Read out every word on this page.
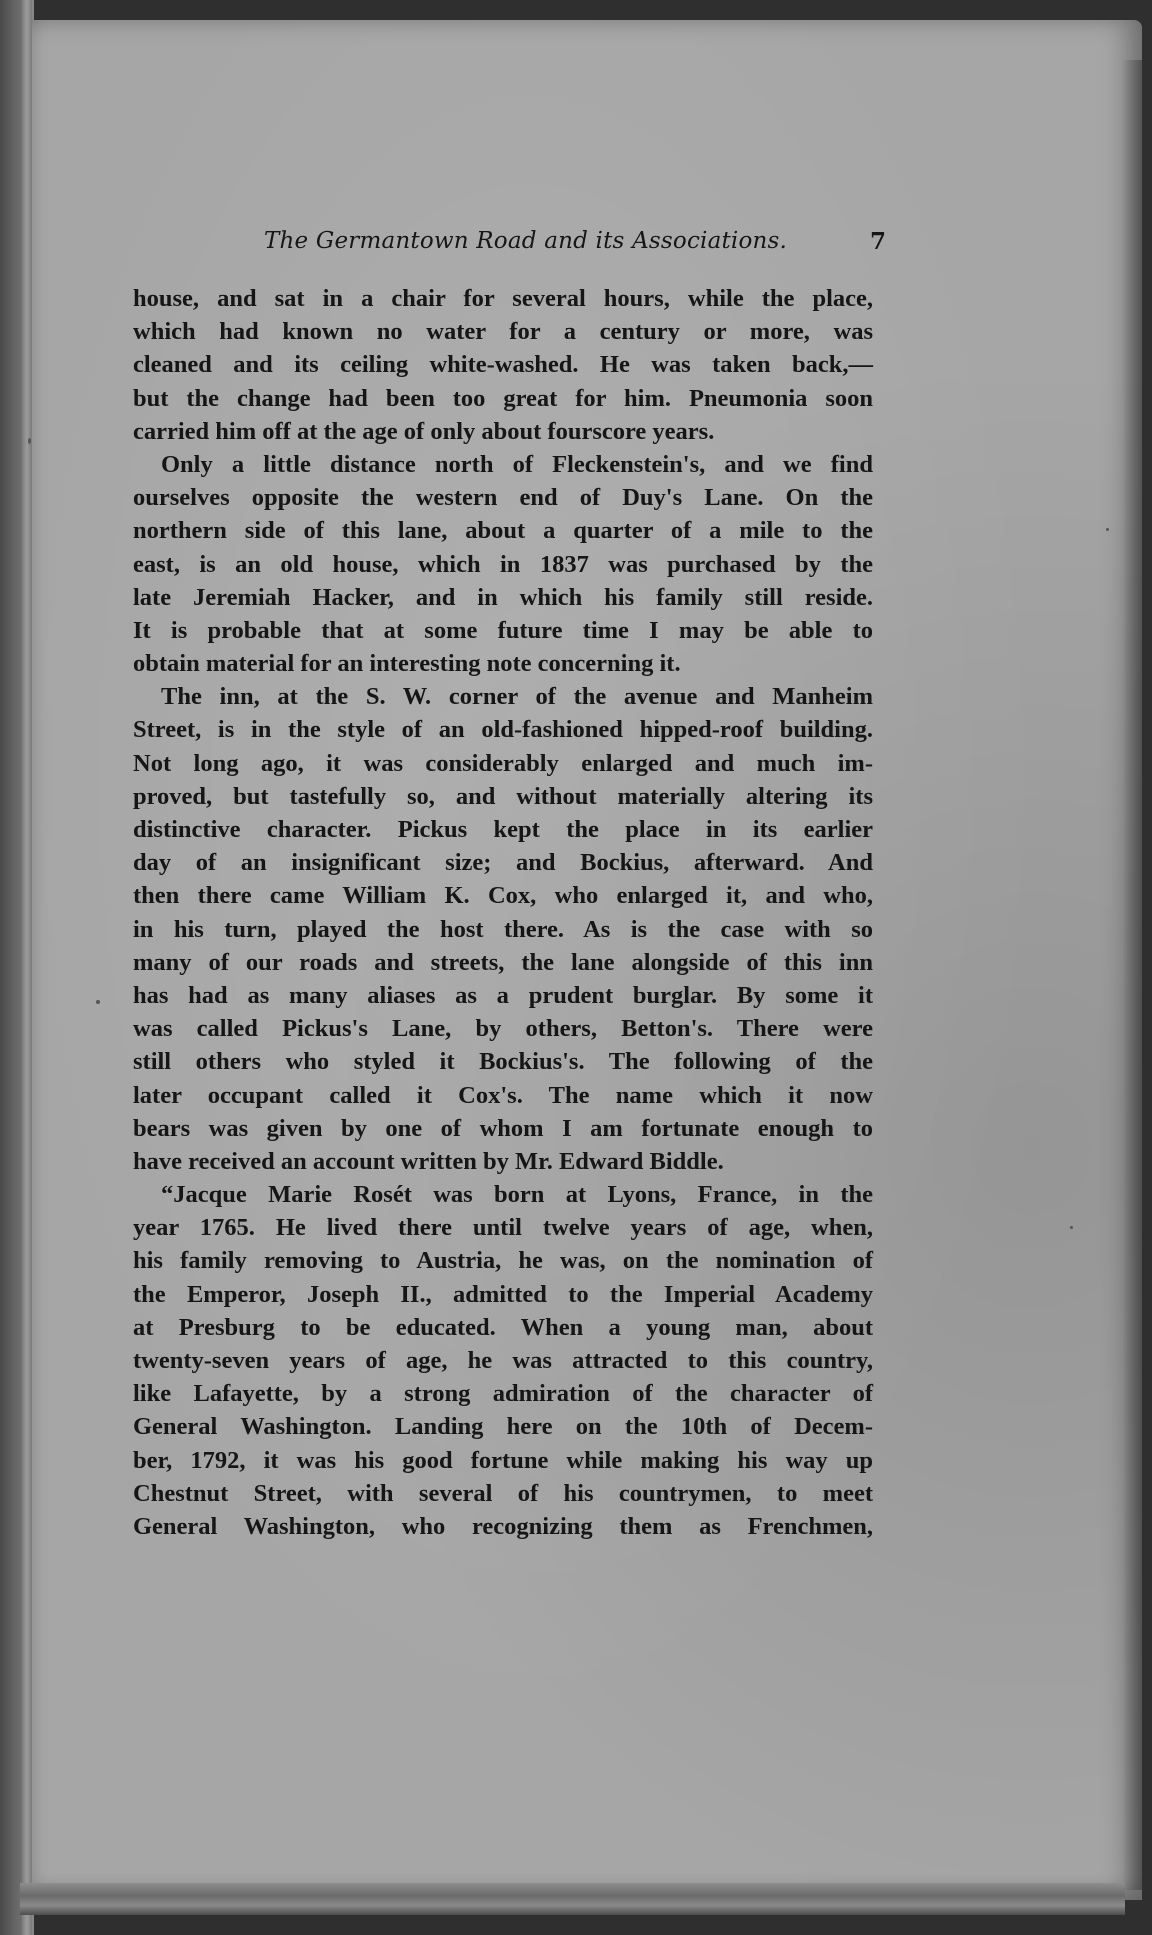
The Germantown Road and its Associations.	7
house, and sat in a chair for several hours, while the place,
which had known no water for a century or more, was
cleaned and its ceiling white-washed. He was taken back,—
but the change had been too great for him. Pneumonia soon
carried him off at the age of only about fourscore years.
Only a little distance north of Fleckenstein's, and we find
ourselves opposite the western end of Duy's Lane. On the
northern side of this lane, about a quarter of a mile to the
east, is an old house, which in 1837 was purchased by the
late Jeremiah Hacker, and in which his family still reside.
It is probable that at some future time I may be able to
obtain material for an interesting note concerning it.
The inn, at the S. W. corner of the avenue and Manheim
Street, is in the style of an old-fashioned hipped-roof building.
Not long ago, it was considerably enlarged and much im-
proved, but tastefully so, and without materially altering its
distinctive character. Pickus kept the place in its earlier
day of an insignificant size; and Bockius, afterward. And
then there came William K. Cox, who enlarged it, and who,
in his turn, played the host there. As is the case with so
many of our roads and streets, the lane alongside of this inn
has had as many aliases as a prudent burglar. By some it
was called Pickus's Lane, by others, Betton's. There were
still others who styled it Bockius's. The following of the
later occupant called it Cox's. The name which it now
bears was given by one of whom I am fortunate enough to
have received an account written by Mr. Edward Biddle.
“Jacque Marie Rosét was born at Lyons, France, in the
year 1765. He lived there until twelve years of age, when,
his family removing to Austria, he was, on the nomination of
the Emperor, Joseph II., admitted to the Imperial Academy
at Presburg to be educated. When a young man, about
twenty-seven years of age, he was attracted to this country,
like Lafayette, by a strong admiration of the character of
General Washington. Landing here on the 10th of Decem-
ber, 1792, it was his good fortune while making his way up
Chestnut Street, with several of his countrymen, to meet
General Washington, who recognizing them as Frenchmen,
